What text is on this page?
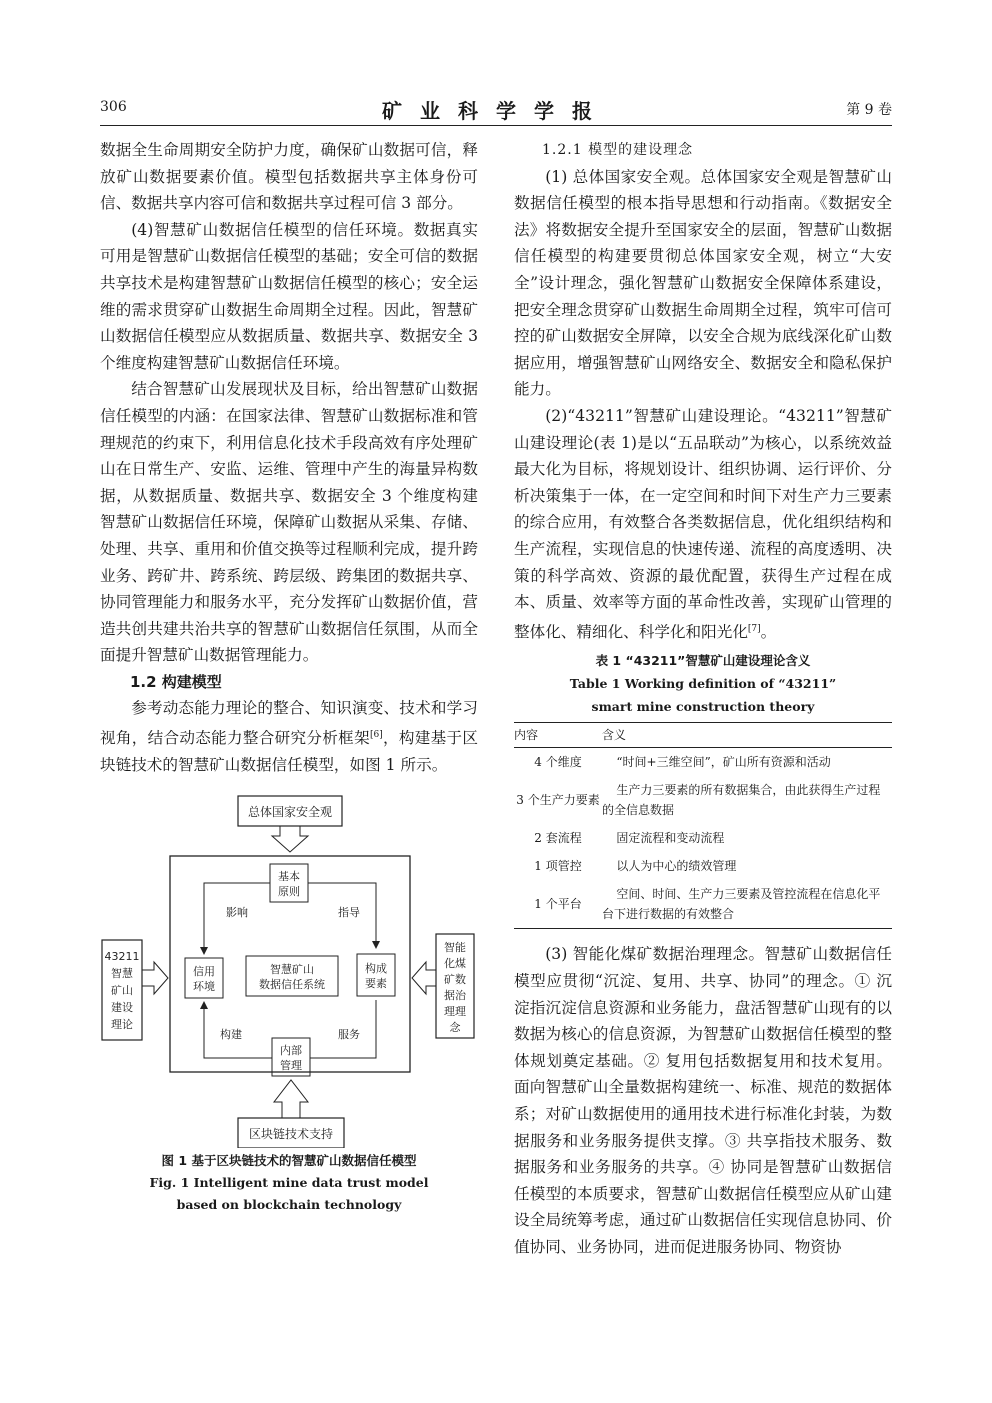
306	矿业科学学报	第 9 卷

数据全生命周期安全防护力度，确保矿山数据可信，释放矿山数据要素价值。模型包括数据共享主体身份可信、数据共享内容可信和数据共享过程可信 3 部分。

(4)智慧矿山数据信任模型的信任环境。数据真实可用是智慧矿山数据信任模型的基础；安全可信的数据共享技术是构建智慧矿山数据信任模型的核心；安全运维的需求贯穿矿山数据生命周期全过程。因此，智慧矿山数据信任模型应从数据质量、数据共享、数据安全 3 个维度构建智慧矿山数据信任环境。

结合智慧矿山发展现状及目标，给出智慧矿山数据信任模型的内涵：在国家法律、智慧矿山数据标准和管理规范的约束下，利用信息化技术手段高效有序处理矿山在日常生产、安监、运维、管理中产生的海量异构数据，从数据质量、数据共享、数据安全 3 个维度构建智慧矿山数据信任环境，保障矿山数据从采集、存储、处理、共享、重用和价值交换等过程顺利完成，提升跨业务、跨矿井、跨系统、跨层级、跨集团的数据共享、协同管理能力和服务水平，充分发挥矿山数据价值，营造共创共建共治共享的智慧矿山数据信任氛围，从而全面提升智慧矿山数据管理能力。

1.2 构建模型

参考动态能力理论的整合、知识演变、技术和学习视角，结合动态能力整合研究分析框架[6]，构建基于区块链技术的智慧矿山数据信任模型，如图 1 所示。

总体国家安全观
基本
原则
影响	指导
信用
环境
智慧矿山
数据信任系统
构成
要素
内部
管理
构建	服务
43211
智慧
矿山
建设
理论
智能
化煤
矿数
据治
理理
念
区块链技术支持
图 1 基于区块链技术的智慧矿山数据信任模型
Fig. 1 Intelligent mine data trust model
based on blockchain technology

1.2.1 模型的建设理念

(1) 总体国家安全观。总体国家安全观是智慧矿山数据信任模型的根本指导思想和行动指南。《数据安全法》将数据安全提升至国家安全的层面，智慧矿山数据信任模型的构建要贯彻总体国家安全观，树立“大安全”设计理念，强化智慧矿山数据安全保障体系建设，把安全理念贯穿矿山数据生命周期全过程，筑牢可信可控的矿山数据安全屏障，以安全合规为底线深化矿山数据应用，增强智慧矿山网络安全、数据安全和隐私保护能力。

(2)“43211”智慧矿山建设理论。“43211”智慧矿山建设理论(表 1)是以“五品联动”为核心，以系统效益最大化为目标，将规划设计、组织协调、运行评价、分析决策集于一体，在一定空间和时间下对生产力三要素的综合应用，有效整合各类数据信息，优化组织结构和生产流程，实现信息的快速传递、流程的高度透明、决策的科学高效、资源的最优配置，获得生产过程在成本、质量、效率等方面的革命性改善，实现矿山管理的整体化、精细化、科学化和阳光化[7]。

表 1 “43211”智慧矿山建设理论含义
Table 1 Working definition of “43211”
smart mine construction theory
内容	含义
4 个维度	“时间+三维空间”，矿山所有资源和活动

3 个生产力要素	生产力三要素的所有数据集合，由此获得生产过程的全信息数据

2 套流程	固定流程和变动流程

1 项管控	以人为中心的绩效管理

1 个平台	空间、时间、生产力三要素及管控流程在信息化平台下进行数据的有效整合

(3) 智能化煤矿数据治理理念。智慧矿山数据信任模型应贯彻“沉淀、复用、共享、协同”的理念。① 沉淀指沉淀信息资源和业务能力，盘活智慧矿山现有的以数据为核心的信息资源，为智慧矿山数据信任模型的整体规划奠定基础。② 复用包括数据复用和技术复用。面向智慧矿山全量数据构建统一、标准、规范的数据体系；对矿山数据使用的通用技术进行标准化封装，为数据服务和业务服务提供支撑。③ 共享指技术服务、数据服务和业务服务的共享。④ 协同是智慧矿山数据信任模型的本质要求，智慧矿山数据信任模型应从矿山建设全局统筹考虑，通过矿山数据信任实现信息协同、价值协同、业务协同，进而促进服务协同、物资协
